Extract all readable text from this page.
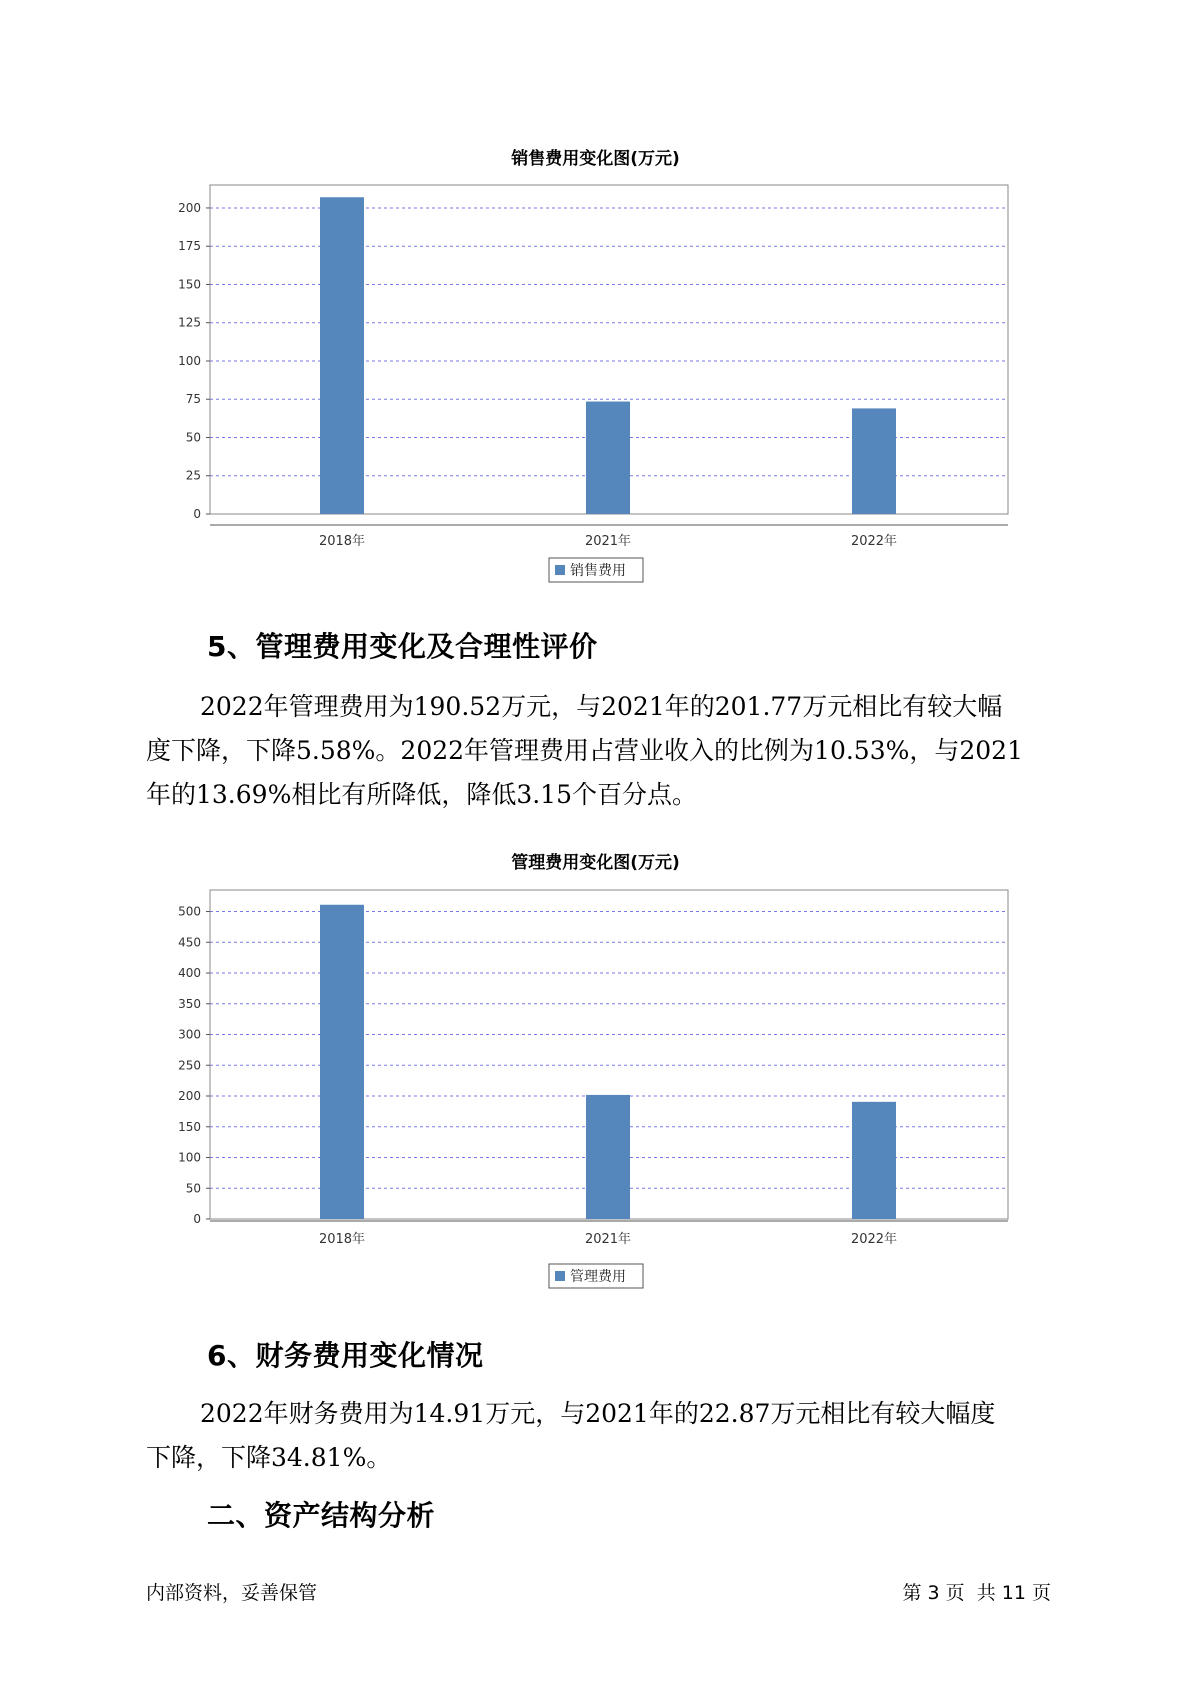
销售费用变化图(万元)
0
25
50
75
100
125
150
175
200
2018年	2021年	2022年
销售费用
5、管理费用变化及合理性评价
2022年管理费用为190.52万元，与2021年的201.77万元相比有较大幅
度下降，下降5.58%。2022年管理费用占营业收入的比例为10.53%，与2021
年的13.69%相比有所降低，降低3.15个百分点。
管理费用变化图(万元)
0
50
100
150
200
250
300
350
400
450
500
2018年	2021年	2022年
管理费用
6、财务费用变化情况
2022年财务费用为14.91万元，与2021年的22.87万元相比有较大幅度
下降，下降34.81%。
二、资产结构分析
内部资料，妥善保管	第 3 页  共 11 页
